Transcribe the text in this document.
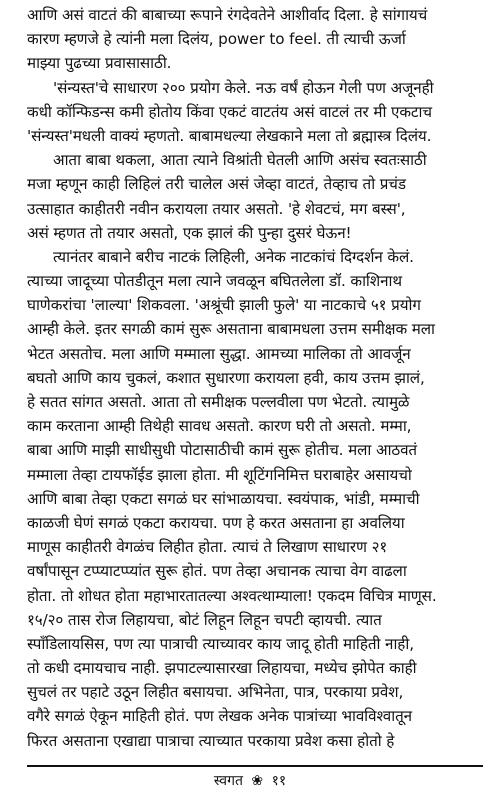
आणि असं वाटतं की बाबाच्या रूपाने रंगदेवतेने आशीर्वाद दिला. हे सांगायचं
कारण म्हणजे हे त्यांनी मला दिलंय, power to feel. ती त्याची ऊर्जा
माझ्या पुढच्या प्रवासासाठी.
'संन्यस्त'चे साधारण २०० प्रयोग केले. नऊ वर्षं होऊन गेली पण अजूनही
कधी कॉन्फिडन्स कमी होतोय किंवा एकटं वाटतंय असं वाटलं तर मी एकटाच
'संन्यस्त'मधली वाक्यं म्हणतो. बाबामधल्या लेखकाने मला तो ब्रह्मास्त्र दिलंय.
आता बाबा थकला, आता त्याने विश्रांती घेतली आणि असंच स्वतःसाठी
मजा म्हणून काही लिहिलं तरी चालेल असं जेव्हा वाटतं, तेव्हाच तो प्रचंड
उत्साहात काहीतरी नवीन करायला तयार असतो. 'हे शेवटचं, मग बस्स',
असं म्हणत तो तयार असतो, एक झालं की पुन्हा दुसरं घेऊन!
त्यानंतर बाबाने बरीच नाटकं लिहिली, अनेक नाटकांचं दिग्दर्शन केलं.
त्याच्या जादूच्या पोतडीतून मला त्याने जवळून बघितलेला डॉ. काशिनाथ
घाणेकरांचा 'लाल्या' शिकवला. 'अश्रूंची झाली फुले' या नाटकाचे ५१ प्रयोग
आम्ही केले. इतर सगळी कामं सुरू असताना बाबामधला उत्तम समीक्षक मला
भेटत असतोच. मला आणि मम्माला सुद्धा. आमच्या मालिका तो आवर्जून
बघतो आणि काय चुकलं, कशात सुधारणा करायला हवी, काय उत्तम झालं,
हे सतत सांगत असतो. आता तो समीक्षक पल्लवीला पण भेटतो. त्यामुळे
काम करताना आम्ही तिथेही सावध असतो. कारण घरी तो असतो. मम्मा,
बाबा आणि माझी साधीसुधी पोटासाठीची कामं सुरू होतीच. मला आठवतं
मम्माला तेव्हा टायफॉईड झाला होता. मी शूटिंगनिमित्त घराबाहेर असायचो
आणि बाबा तेव्हा एकटा सगळं घर सांभाळायचा. स्वयंपाक, भांडी, मम्माची
काळजी घेणं सगळं एकटा करायचा. पण हे करत असताना हा अवलिया
माणूस काहीतरी वेगळंच लिहीत होता. त्याचं ते लिखाण साधारण २१
वर्षांपासून टप्प्याटप्प्यांत सुरू होतं. पण तेव्हा अचानक त्याचा वेग वाढला
होता. तो शोधत होता महाभारतातल्या अश्वत्थाम्याला! एकदम विचित्र माणूस.
१५/२० तास रोज लिहायचा, बोटं लिहून लिहून चपटी व्हायची. त्यात
स्पॉंडिलायसिस, पण त्या पात्राची त्याच्यावर काय जादू होती माहिती नाही,
तो कधी दमायचाच नाही. झपाटल्यासारखा लिहायचा, मध्येच झोपेत काही
सुचलं तर पहाटे उठून लिहीत बसायचा. अभिनेता, पात्र, परकाया प्रवेश,
वगैरे सगळं ऐकून माहिती होतं. पण लेखक अनेक पात्रांच्या भावविश्वातून
फिरत असताना एखाद्या पात्राचा त्याच्यात परकाया प्रवेश कसा होतो हे
स्वगत ❀ ११
